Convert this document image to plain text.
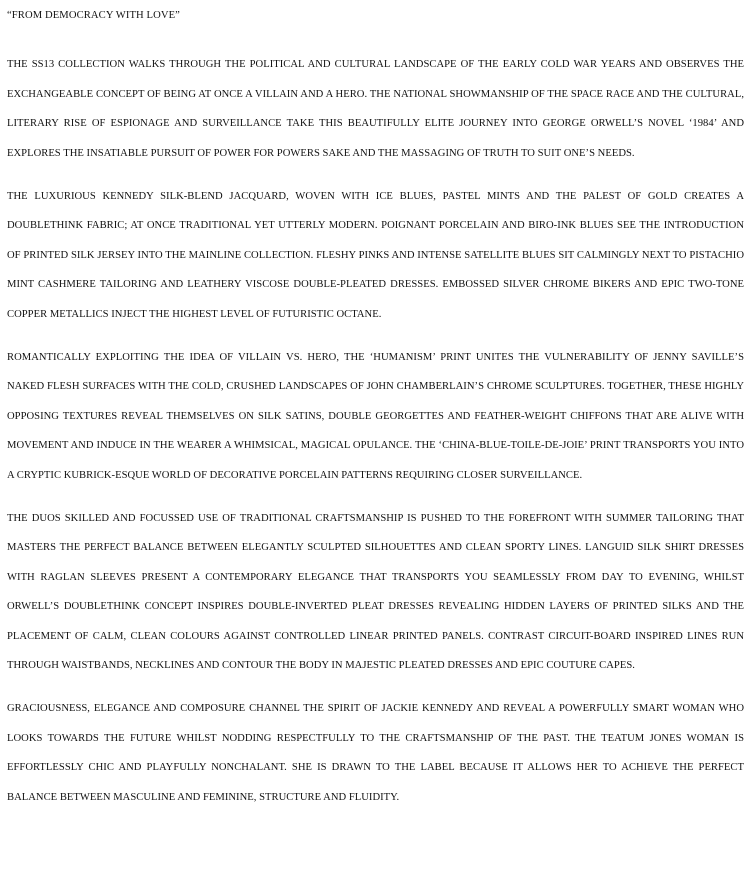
“FROM DEMOCRACY WITH LOVE”

THE SS13 COLLECTION WALKS THROUGH THE POLITICAL AND CULTURAL LANDSCAPE OF THE EARLY COLD WAR YEARS AND OBSERVES THE EXCHANGEABLE CONCEPT OF BEING AT ONCE A VILLAIN AND A HERO. THE NATIONAL SHOWMANSHIP OF THE SPACE RACE AND THE CULTURAL, LITERARY RISE OF ESPIONAGE AND SURVEILLANCE TAKE THIS BEAUTIFULLY ELITE JOURNEY INTO GEORGE ORWELL’S NOVEL ‘1984’ AND EXPLORES THE INSATIABLE PURSUIT OF POWER FOR POWERS SAKE AND THE MASSAGING OF TRUTH TO SUIT ONE’S NEEDS.

THE LUXURIOUS KENNEDY SILK-BLEND JACQUARD, WOVEN WITH ICE BLUES, PASTEL MINTS AND THE PALEST OF GOLD CREATES A DOUBLETHINK FABRIC; AT ONCE TRADITIONAL YET UTTERLY MODERN. POIGNANT PORCELAIN AND BIRO-INK BLUES SEE THE INTRODUCTION OF PRINTED SILK JERSEY INTO THE MAINLINE COLLECTION. FLESHY PINKS AND INTENSE SATELLITE BLUES SIT CALMINGLY NEXT TO PISTACHIO MINT CASHMERE TAILORING AND LEATHERY VISCOSE DOUBLE-PLEATED DRESSES. EMBOSSED SILVER CHROME BIKERS AND EPIC TWO-TONE COPPER METALLICS INJECT THE HIGHEST LEVEL OF FUTURISTIC OCTANE.

ROMANTICALLY EXPLOITING THE IDEA OF VILLAIN VS. HERO, THE ‘HUMANISM’ PRINT UNITES THE VULNERABILITY OF JENNY SAVILLE’S NAKED FLESH SURFACES WITH THE COLD, CRUSHED LANDSCAPES OF JOHN CHAMBERLAIN’S CHROME SCULPTURES. TOGETHER, THESE HIGHLY OPPOSING TEXTURES REVEAL THEMSELVES ON SILK SATINS, DOUBLE GEORGETTES AND FEATHER-WEIGHT CHIFFONS THAT ARE ALIVE WITH MOVEMENT AND INDUCE IN THE WEARER A WHIMSICAL, MAGICAL OPULANCE. THE ‘CHINA-BLUE-TOILE-DE-JOIE’ PRINT TRANSPORTS YOU INTO A CRYPTIC KUBRICK-ESQUE WORLD OF DECORATIVE PORCELAIN PATTERNS REQUIRING CLOSER SURVEILLANCE.

THE DUOS SKILLED AND FOCUSSED USE OF TRADITIONAL CRAFTSMANSHIP IS PUSHED TO THE FOREFRONT WITH SUMMER TAILORING THAT MASTERS THE PERFECT BALANCE BETWEEN ELEGANTLY SCULPTED SILHOUETTES AND CLEAN SPORTY LINES. LANGUID SILK SHIRT DRESSES WITH RAGLAN SLEEVES PRESENT A CONTEMPORARY ELEGANCE THAT TRANSPORTS YOU SEAMLESSLY FROM DAY TO EVENING, WHILST ORWELL’S DOUBLETHINK CONCEPT INSPIRES DOUBLE-INVERTED PLEAT DRESSES REVEALING HIDDEN LAYERS OF PRINTED SILKS AND THE PLACEMENT OF CALM, CLEAN COLOURS AGAINST CONTROLLED LINEAR PRINTED PANELS. CONTRAST CIRCUIT-BOARD INSPIRED LINES RUN THROUGH WAISTBANDS, NECKLINES AND CONTOUR THE BODY IN MAJESTIC PLEATED DRESSES AND EPIC COUTURE CAPES.

GRACIOUSNESS, ELEGANCE AND COMPOSURE CHANNEL THE SPIRIT OF JACKIE KENNEDY AND REVEAL A POWERFULLY SMART WOMAN WHO LOOKS TOWARDS THE FUTURE WHILST NODDING RESPECTFULLY TO THE CRAFTSMANSHIP OF THE PAST. THE TEATUM JONES WOMAN IS EFFORTLESSLY CHIC AND PLAYFULLY NONCHALANT. SHE IS DRAWN TO THE LABEL BECAUSE IT ALLOWS HER TO ACHIEVE THE PERFECT BALANCE BETWEEN MASCULINE AND FEMININE, STRUCTURE AND FLUIDITY.
